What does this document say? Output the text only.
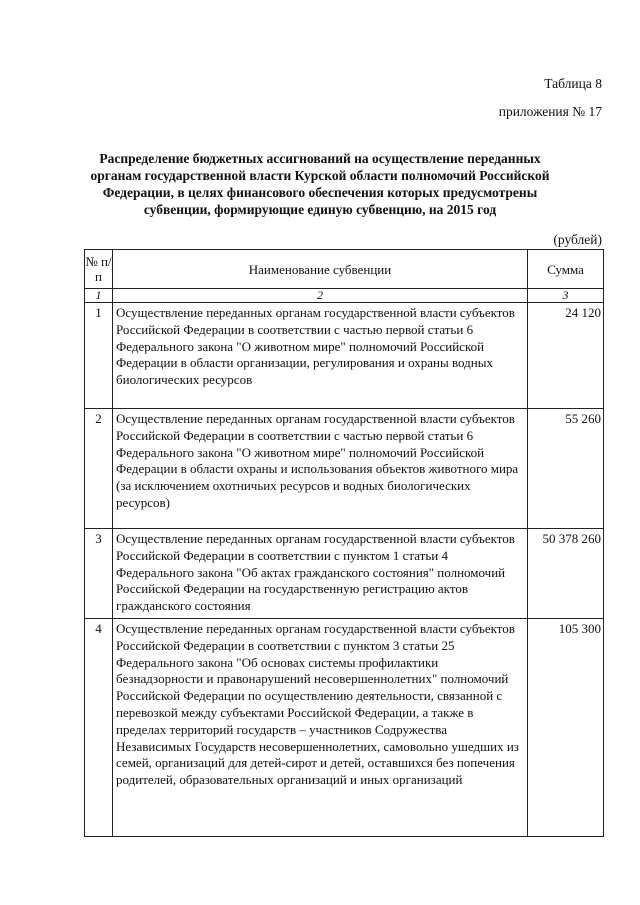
Таблица 8
приложения № 17
Распределение бюджетных ассигнований на осуществление переданных органам государственной власти Курской области полномочий Российской Федерации, в целях финансового обеспечения которых предусмотрены субвенции, формирующие единую субвенцию, на 2015 год
(рублей)
№ п/п	Наименование субвенции	Сумма
1	2	3
1	Осуществление переданных органам государственной власти субъектов Российской Федерации в соответствии с частью первой статьи 6 Федерального закона "О животном мире" полномочий Российской Федерации в области организации, регулирования и охраны водных биологических ресурсов	24 120
2	Осуществление переданных органам государственной власти субъектов Российской Федерации в соответствии с частью первой статьи 6 Федерального закона "О животном мире" полномочий Российской Федерации в области охраны и использования объектов животного мира (за исключением охотничьих ресурсов и водных биологических ресурсов)	55 260
3	Осуществление переданных органам государственной власти субъектов Российской Федерации в соответствии с пунктом 1 статьи 4 Федерального закона "Об актах гражданского состояния" полномочий Российской Федерации на государственную регистрацию актов гражданского состояния	50 378 260
4	Осуществление переданных органам государственной власти субъектов Российской Федерации в соответствии с пунктом 3 статьи 25 Федерального закона "Об основах системы профилактики безнадзорности и правонарушений несовершеннолетних" полномочий Российской Федерации по осуществлению деятельности, связанной с перевозкой между субъектами Российской Федерации, а также в пределах территорий государств – участников Содружества Независимых Государств несовершеннолетних, самовольно ушедших из семей, организаций для детей-сирот и детей, оставшихся без попечения родителей, образовательных организаций и иных организаций	105 300
